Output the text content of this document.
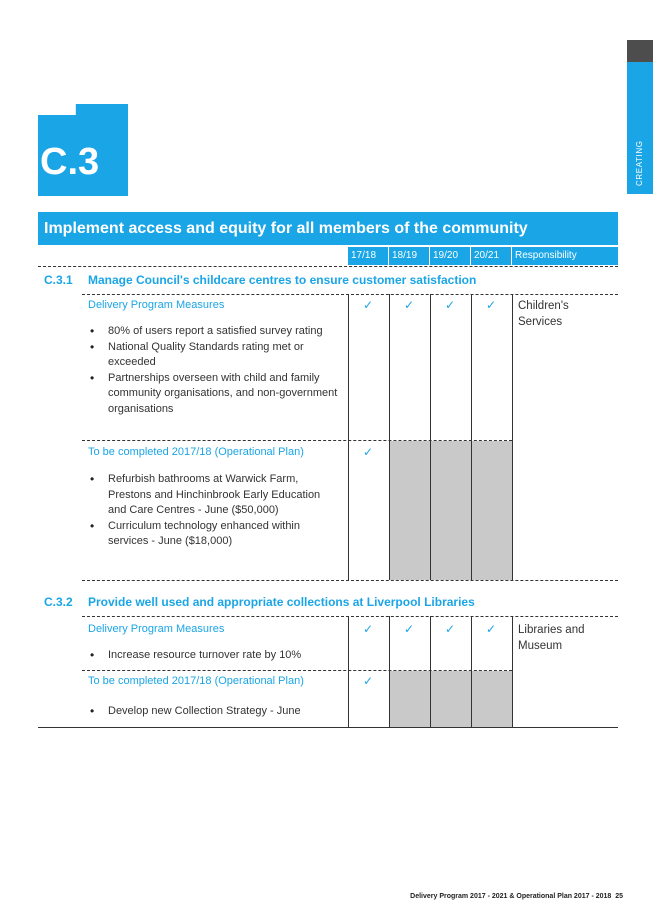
CREATING CONNECTION
C.3
Implement access and equity for all members of the community
17/18	18/19	19/20	20/21	Responsibility
C.3.1 Manage Council's childcare centres to ensure customer satisfaction
Delivery Program Measures
• 80% of users report a satisfied survey rating
• National Quality Standards rating met or exceeded
• Partnerships overseen with child and family community organisations, and non-government organisations
✓	✓	✓	✓ Children's Services
To be completed 2017/18 (Operational Plan)	✓
• Refurbish bathrooms at Warwick Farm, Prestons and Hinchinbrook Early Education and Care Centres - June ($50,000)
• Curriculum technology enhanced within services - June ($18,000)
C.3.2 Provide well used and appropriate collections at Liverpool Libraries
Delivery Program Measures
• Increase resource turnover rate by 10%
✓	✓	✓	✓ Libraries and Museum
To be completed 2017/18 (Operational Plan)	✓
• Develop new Collection Strategy - June
Delivery Program 2017 - 2021 & Operational Plan 2017 - 2018 25
